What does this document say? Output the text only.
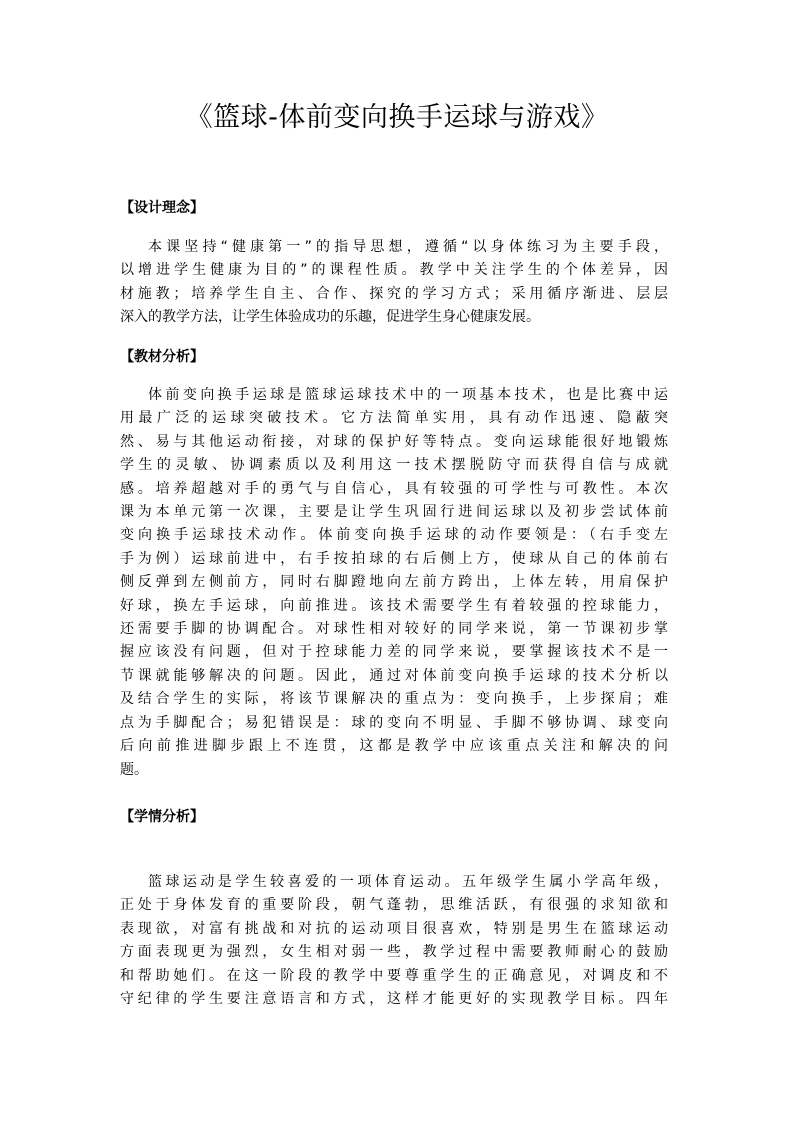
《篮球-体前变向换手运球与游戏》
【设计理念】
本课坚持“健康第一”的指导思想，遵循“以身体练习为主要手段，
以增进学生健康为目的”的课程性质。教学中关注学生的个体差异，因
材施教；培养学生自主、合作、探究的学习方式；采用循序渐进、层层
深入的教学方法，让学生体验成功的乐趣，促进学生身心健康发展。
【教材分析】
体前变向换手运球是篮球运球技术中的一项基本技术，也是比赛中运
用最广泛的运球突破技术。它方法简单实用，具有动作迅速、隐蔽突
然、易与其他运动衔接，对球的保护好等特点。变向运球能很好地锻炼
学生的灵敏、协调素质以及利用这一技术摆脱防守而获得自信与成就
感。培养超越对手的勇气与自信心，具有较强的可学性与可教性。本次
课为本单元第一次课，主要是让学生巩固行进间运球以及初步尝试体前
变向换手运球技术动作。体前变向换手运球的动作要领是：（右手变左
手为例）运球前进中，右手按拍球的右后侧上方，使球从自己的体前右
侧反弹到左侧前方，同时右脚蹬地向左前方跨出，上体左转，用肩保护
好球，换左手运球，向前推进。该技术需要学生有着较强的控球能力，
还需要手脚的协调配合。对球性相对较好的同学来说，第一节课初步掌
握应该没有问题，但对于控球能力差的同学来说，要掌握该技术不是一
节课就能够解决的问题。因此，通过对体前变向换手运球的技术分析以
及结合学生的实际，将该节课解决的重点为：变向换手，上步探肩；难
点为手脚配合；易犯错误是：球的变向不明显、手脚不够协调、球变向
后向前推进脚步跟上不连贯，这都是教学中应该重点关注和解决的问
题。
【学情分析】
篮球运动是学生较喜爱的一项体育运动。五年级学生属小学高年级，
正处于身体发育的重要阶段，朝气蓬勃，思维活跃，有很强的求知欲和
表现欲，对富有挑战和对抗的运动项目很喜欢，特别是男生在篮球运动
方面表现更为强烈，女生相对弱一些，教学过程中需要教师耐心的鼓励
和帮助她们。在这一阶段的教学中要尊重学生的正确意见，对调皮和不
守纪律的学生要注意语言和方式，这样才能更好的实现教学目标。四年
